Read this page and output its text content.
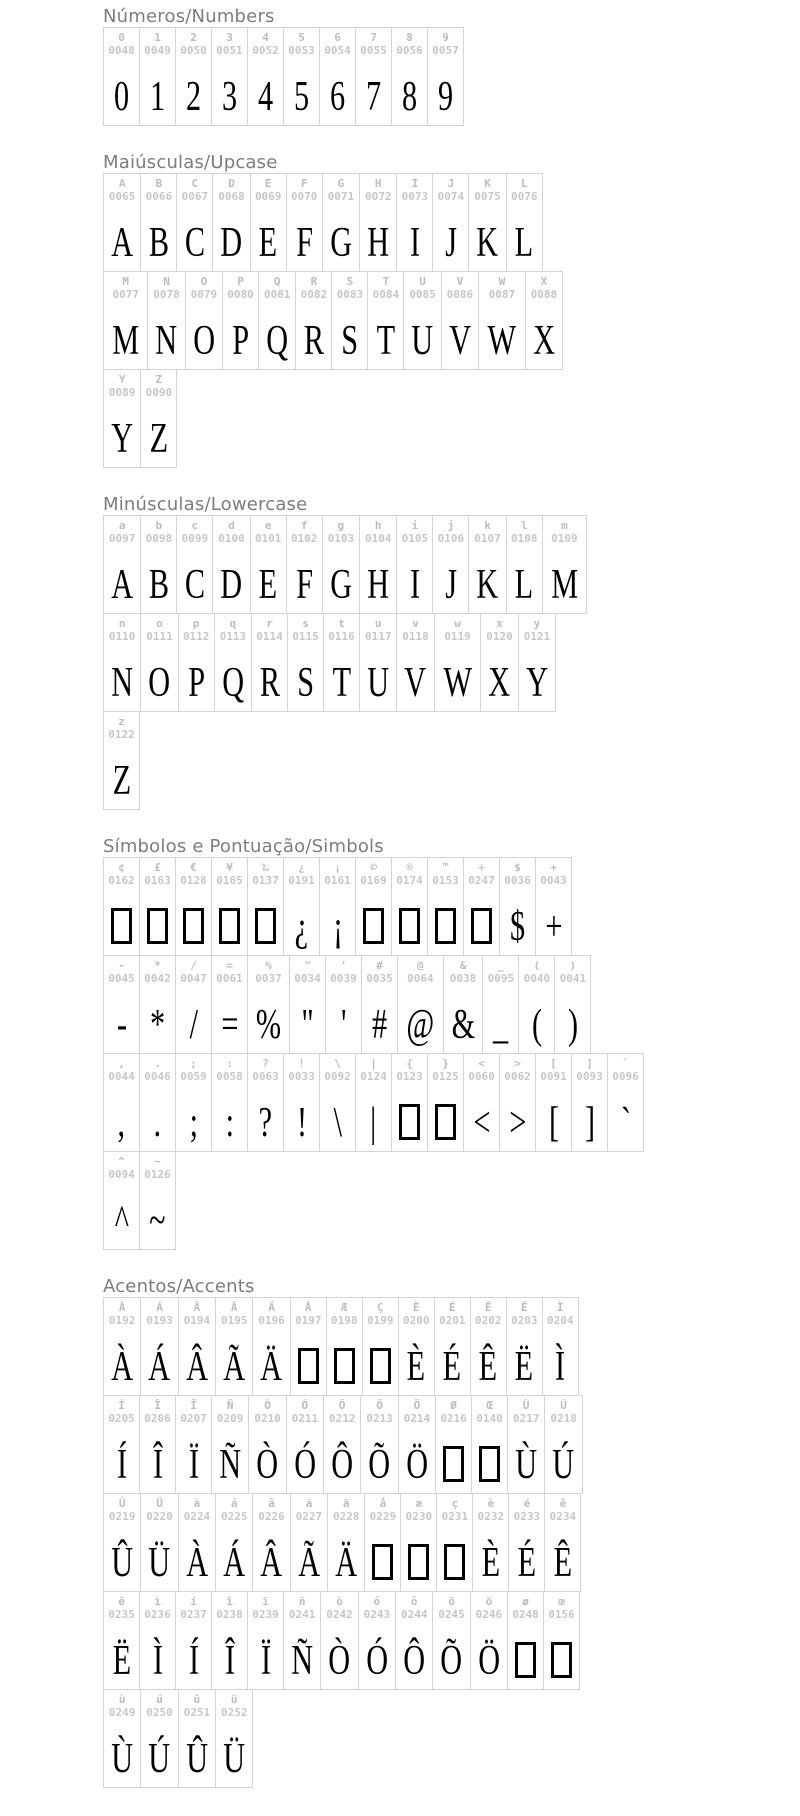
Números/Numbers
0
0048
0
1
0049
1
2
0050
2
3
0051
3
4
0052
4
5
0053
5
6
0054
6
7
0055
7
8
0056
8
9
0057
9
Maiúsculas/Upcase
A
0065
A
B
0066
B
C
0067
C
D
0068
D
E
0069
E
F
0070
F
G
0071
G
H
0072
H
I
0073
I
J
0074
J
K
0075
K
L
0076
L
M
0077
M
N
0078
N
O
0079
O
P
0080
P
Q
0081
Q
R
0082
R
S
0083
S
T
0084
T
U
0085
U
V
0086
V
W
0087
W
X
0088
X
Y
0089
Y
Z
0090
Z
Minúsculas/Lowercase
a
0097
A
b
0098
B
c
0099
C
d
0100
D
e
0101
E
f
0102
F
g
0103
G
h
0104
H
i
0105
I
j
0106
J
k
0107
K
l
0108
L
m
0109
M
n
0110
N
o
0111
O
p
0112
P
q
0113
Q
r
0114
R
s
0115
S
t
0116
T
u
0117
U
v
0118
V
w
0119
W
x
0120
X
y
0121
Y
z
0122
Z
Símbolos e Pontuação/Simbols
¢
0162
£
0163
€
0128
¥
0165
‰
0137
¿
0191
¿
¡
0161
¡
©
0169
®
0174
™
0153
÷
0247
$
0036
$
+
0043
+
-
0045
-
*
0042
*
/
0047
/
=
0061
=
%
0037
%
"
0034
"
'
0039
'
#
0035
#
@
0064
@
&
0038
&
_
0095
_
(
0040
(
)
0041
)
,
0044
,
.
0046
.
;
0059
;
:
0058
:
?
0063
?
!
0033
!
\
0092
\
|
0124
|
{
0123
}
0125
<
0060
<
>
0062
>
[
0091
[
]
0093
]
`
0096
`
^
0094
^
~
0126
~
Acentos/Accents
À
0192
À
Á
0193
Á
Â
0194
Â
Ã
0195
Ã
Ä
0196
Ä
Å
0197
Æ
0198
Ç
0199
È
0200
È
É
0201
É
Ê
0202
Ê
Ë
0203
Ë
Ì
0204
Ì
Í
0205
Í
Î
0206
Î
Ï
0207
Ï
Ñ
0209
Ñ
Ò
0210
Ò
Ó
0211
Ó
Ô
0212
Ô
Õ
0213
Õ
Ö
0214
Ö
Ø
0216
Œ
0140
Ù
0217
Ù
Ú
0218
Ú
Û
0219
Û
Ü
0220
Ü
à
0224
À
á
0225
Á
â
0226
Â
ã
0227
Ã
ä
0228
Ä
å
0229
æ
0230
ç
0231
è
0232
È
é
0233
É
ê
0234
Ê
ë
0235
Ë
ì
0236
Ì
í
0237
Í
î
0238
Î
ï
0239
Ï
ñ
0241
Ñ
ò
0242
Ò
ó
0243
Ó
ô
0244
Ô
õ
0245
Õ
ö
0246
Ö
ø
0248
œ
0156
ù
0249
Ù
ú
0250
Ú
û
0251
Û
ü
0252
Ü
